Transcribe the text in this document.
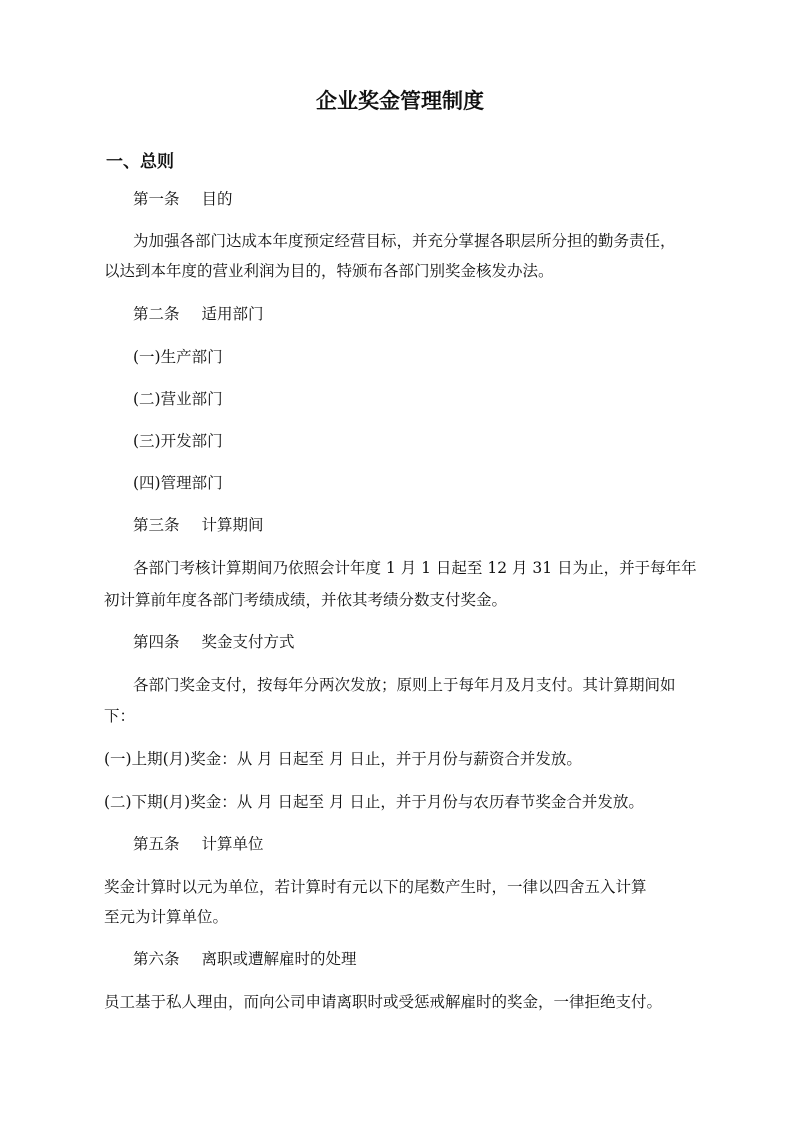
企业奖金管理制度
一、总则
第一条 目的
为加强各部门达成本年度预定经营目标，并充分掌握各职层所分担的勤务责任，
以达到本年度的营业利润为目的，特颁布各部门别奖金核发办法。
第二条 适用部门
(一)生产部门
(二)营业部门
(三)开发部门
(四)管理部门
第三条 计算期间
各部门考核计算期间乃依照会计年度 1 月 1 日起至 12 月 31 日为止，并于每年年
初计算前年度各部门考绩成绩，并依其考绩分数支付奖金。
第四条 奖金支付方式
各部门奖金支付，按每年分两次发放；原则上于每年月及月支付。其计算期间如
下：
(一)上期(月)奖金：从 月 日起至 月 日止，并于月份与薪资合并发放。
(二)下期(月)奖金：从 月 日起至 月 日止，并于月份与农历春节奖金合并发放。
第五条 计算单位
奖金计算时以元为单位，若计算时有元以下的尾数产生时，一律以四舍五入计算
至元为计算单位。
第六条 离职或遭解雇时的处理
员工基于私人理由，而向公司申请离职时或受惩戒解雇时的奖金，一律拒绝支付。
